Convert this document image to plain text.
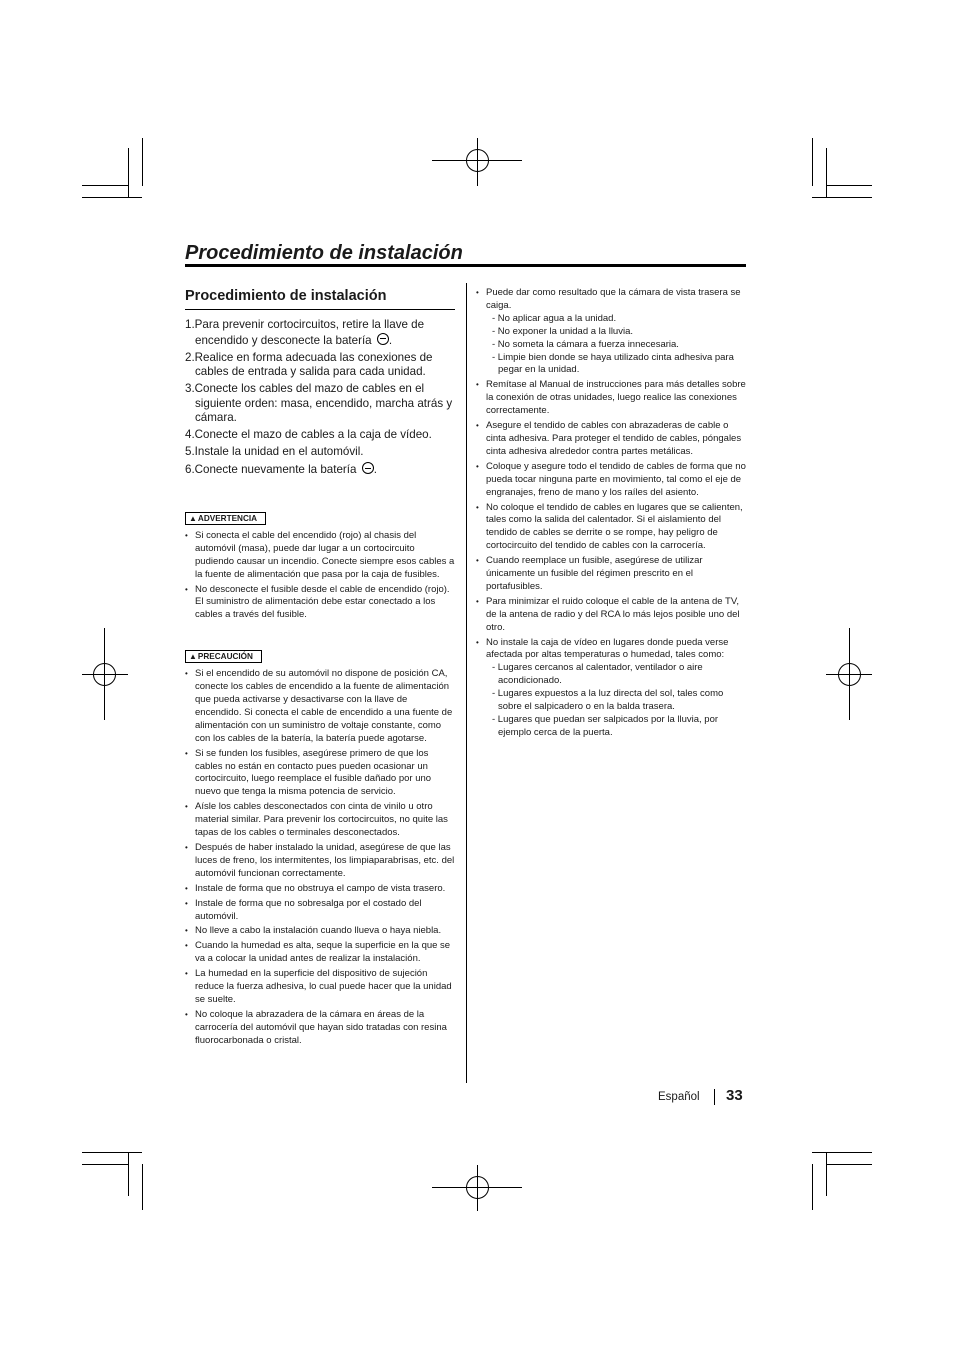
Procedimiento de instalación
Procedimiento de instalación
1.Para prevenir cortocircuitos, retire la llave de encendido y desconecte la batería .
2.Realice en forma adecuada las conexiones de cables de entrada y salida para cada unidad.
3.Conecte los cables del mazo de cables en el siguiente orden: masa, encendido, marcha atrás y cámara.
4.Conecte el mazo de cables a la caja de vídeo.
5.Instale la unidad en el automóvil.
6.Conecte nuevamente la batería .
▲ADVERTENCIA
• Si conecta el cable del encendido (rojo) al chasis del automóvil (masa), puede dar lugar a un cortocircuito pudiendo causar un incendio. Conecte siempre esos cables a la fuente de alimentación que pasa por la caja de fusibles.
• No desconecte el fusible desde el cable de encendido (rojo). El suministro de alimentación debe estar conectado a los cables a través del fusible.
▲PRECAUCIÓN
• Si el encendido de su automóvil no dispone de posición CA, conecte los cables de encendido a la fuente de alimentación que pueda activarse y desactivarse con la llave de encendido. Si conecta el cable de encendido a una fuente de alimentación con un suministro de voltaje constante, como con los cables de la batería, la batería puede agotarse.
• Si se funden los fusibles, asegúrese primero de que los cables no están en contacto pues pueden ocasionar un cortocircuito, luego reemplace el fusible dañado por uno nuevo que tenga la misma potencia de servicio.
• Aísle los cables desconectados con cinta de vinilo u otro material similar. Para prevenir los cortocircuitos, no quite las tapas de los cables o terminales desconectados.
• Después de haber instalado la unidad, asegúrese de que las luces de freno, los intermitentes, los limpiaparabrisas, etc. del automóvil funcionan correctamente.
• Instale de forma que no obstruya el campo de vista trasero.
• Instale de forma que no sobresalga por el costado del automóvil.
• No lleve a cabo la instalación cuando llueva o haya niebla.
• Cuando la humedad es alta, seque la superficie en la que se va a colocar la unidad antes de realizar la instalación.
• La humedad en la superficie del dispositivo de sujeción reduce la fuerza adhesiva, lo cual puede hacer que la unidad se suelte.
• No coloque la abrazadera de la cámara en áreas de la carrocería del automóvil que hayan sido tratadas con resina fluorocarbonada o cristal.
• Puede dar como resultado que la cámara de vista trasera se caiga.
- No aplicar agua a la unidad.
- No exponer la unidad a la lluvia.
- No someta la cámara a fuerza innecesaria.
- Limpie bien donde se haya utilizado cinta adhesiva para pegar en la unidad.
• Remítase al Manual de instrucciones para más detalles sobre la conexión de otras unidades, luego realice las conexiones correctamente.
• Asegure el tendido de cables con abrazaderas de cable o cinta adhesiva. Para proteger el tendido de cables, póngales cinta adhesiva alrededor contra partes metálicas.
• Coloque y asegure todo el tendido de cables de forma que no pueda tocar ninguna parte en movimiento, tal como el eje de engranajes, freno de mano y los raíles del asiento.
• No coloque el tendido de cables en lugares que se calienten, tales como la salida del calentador. Si el aislamiento del tendido de cables se derrite o se rompe, hay peligro de cortocircuito del tendido de cables con la carrocería.
• Cuando reemplace un fusible, asegúrese de utilizar únicamente un fusible del régimen prescrito en el portafusibles.
• Para minimizar el ruido coloque el cable de la antena de TV, de la antena de radio y del RCA lo más lejos posible uno del otro.
• No instale la caja de vídeo en lugares donde pueda verse afectada por altas temperaturas o humedad, tales como:
- Lugares cercanos al calentador, ventilador o aire acondicionado.
- Lugares expuestos a la luz directa del sol, tales como sobre el salpicadero o en la balda trasera.
- Lugares que puedan ser salpicados por la lluvia, por ejemplo cerca de la puerta.
Español 33
